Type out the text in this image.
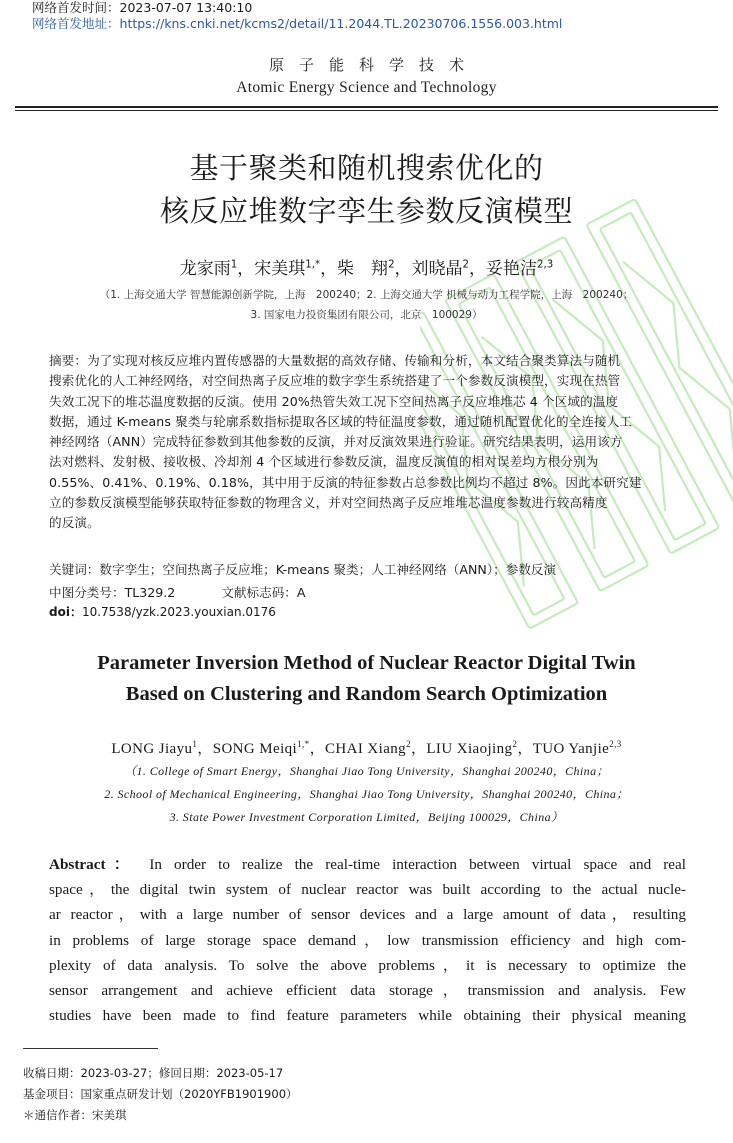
网络首发时间：2023-07-07 13:40:10
网络首发地址：https://kns.cnki.net/kcms2/detail/11.2044.TL.20230706.1556.003.html
原子能科学技术
Atomic Energy Science and Technology
基于聚类和随机搜索优化的
核反应堆数字孪生参数反演模型
龙家雨$^1$，宋美琪$^{1,*}$，柴　翔$^2$，刘晓晶$^2$，妥艳洁$^{2,3}$
（1. 上海交通大学 智慧能源创新学院，上海　200240；2. 上海交通大学 机械与动力工程学院，上海　200240；
3. 国家电力投资集团有限公司，北京　100029）
摘要：为了实现对核反应堆内置传感器的大量数据的高效存储、传输和分析，本文结合聚类算法与随机
搜索优化的人工神经网络，对空间热离子反应堆的数字孪生系统搭建了一个参数反演模型，实现在热管
失效工况下的堆芯温度数据的反演。使用 20%热管失效工况下空间热离子反应堆堆芯 4 个区域的温度
数据，通过 K-means 聚类与轮廓系数指标提取各区域的特征温度参数，通过随机配置优化的全连接人工
神经网络（ANN）完成特征参数到其他参数的反演，并对反演效果进行验证。研究结果表明，运用该方
法对燃料、发射极、接收极、冷却剂 4 个区域进行参数反演，温度反演值的相对误差均方根分别为
0.55%、0.41%、0.19%、0.18%，其中用于反演的特征参数占总参数比例均不超过 8%。因此本研究建
立的参数反演模型能够获取特征参数的物理含义，并对空间热离子反应堆堆芯温度参数进行较高精度
的反演。
关键词：数字孪生；空间热离子反应堆；K-means 聚类；人工神经网络（ANN）；参数反演
中图分类号：TL329.2	文献标志码：A
doi：10.7538/yzk.2023.youxian.0176
Parameter Inversion Method of Nuclear Reactor Digital Twin
Based on Clustering and Random Search Optimization
LONG Jiayu$^1$，SONG Meiqi$^{1,*}$，CHAI Xiang$^2$，LIU Xiaojing$^2$，TUO Yanjie$^{2,3}$
（1. College of Smart Energy，Shanghai Jiao Tong University，Shanghai 200240，China；
2. School of Mechanical Engineering，Shanghai Jiao Tong University，Shanghai 200240，China；
3. State Power Investment Corporation Limited，Beijing 100029，China）
Abstract： In order to realize the real-time interaction between virtual space and real
space，the digital twin system of nuclear reactor was built according to the actual nucle-
ar reactor，with a large number of sensor devices and a large amount of data，resulting
in problems of large storage space demand，low transmission efficiency and high com-
plexity of data analysis. To solve the above problems，it is necessary to optimize the
sensor arrangement and achieve efficient data storage，transmission and analysis. Few
studies have been made to find feature parameters while obtaining their physical meaning
收稿日期：2023-03-27；修回日期：2023-05-17
基金项目：国家重点研发计划（2020YFB1901900）
＊通信作者：宋美琪
